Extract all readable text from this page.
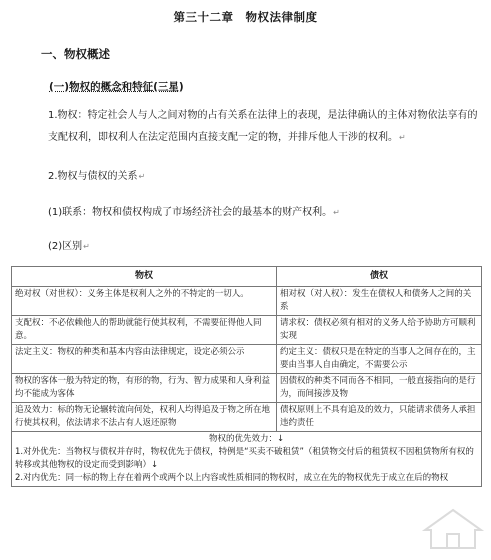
第三十二章　物权法律制度
一、物权概述
(一)物权的概念和特征(三星)
1.物权：特定社会人与人之间对物的占有关系在法律上的表现，是法律确认的主体对物依法享有的支配权利，即权利人在法定范围内直接支配一定的物，并排斥他人干涉的权利。↵
2.物权与债权的关系↵
(1)联系：物权和债权构成了市场经济社会的最基本的财产权利。↵
(2)区别↵
物权	债权
绝对权（对世权）：义务主体是权利人之外的不特定的一切人。	相对权（对人权）：发生在债权人和债务人之间的关系
支配权：不必依赖他人的帮助就能行使其权利，不需要征得他人同意。	请求权：债权必须有相对的义务人给予协助方可顺利实现
法定主义：物权的种类和基本内容由法律规定，设定必须公示	约定主义：债权只是在特定的当事人之间存在的，主要由当事人自由确定，不需要公示
物权的客体一般为特定的物，有形的物，行为、智力成果和人身利益均不能成为客体	因债权的种类不同而各不相同，一般直接指向的是行为，而间接涉及物
追及效力：标的物无论辗转流向何处，权利人均得追及于物之所在地行使其权利，依法请求不法占有人返还原物	债权原则上不具有追及的效力，只能请求债务人承担违约责任

物权的优先效力：↓
1.对外优先：当物权与债权并存时，物权优先于债权，特例是“买卖不破租赁”（租赁物交付后的租赁权不因租赁物所有权的转移或其他物权的设定而受到影响）↓
2.对内优先：同一标的物上存在着两个或两个以上内容或性质相同的物权时，成立在先的物权优先于成立在后的物权	
